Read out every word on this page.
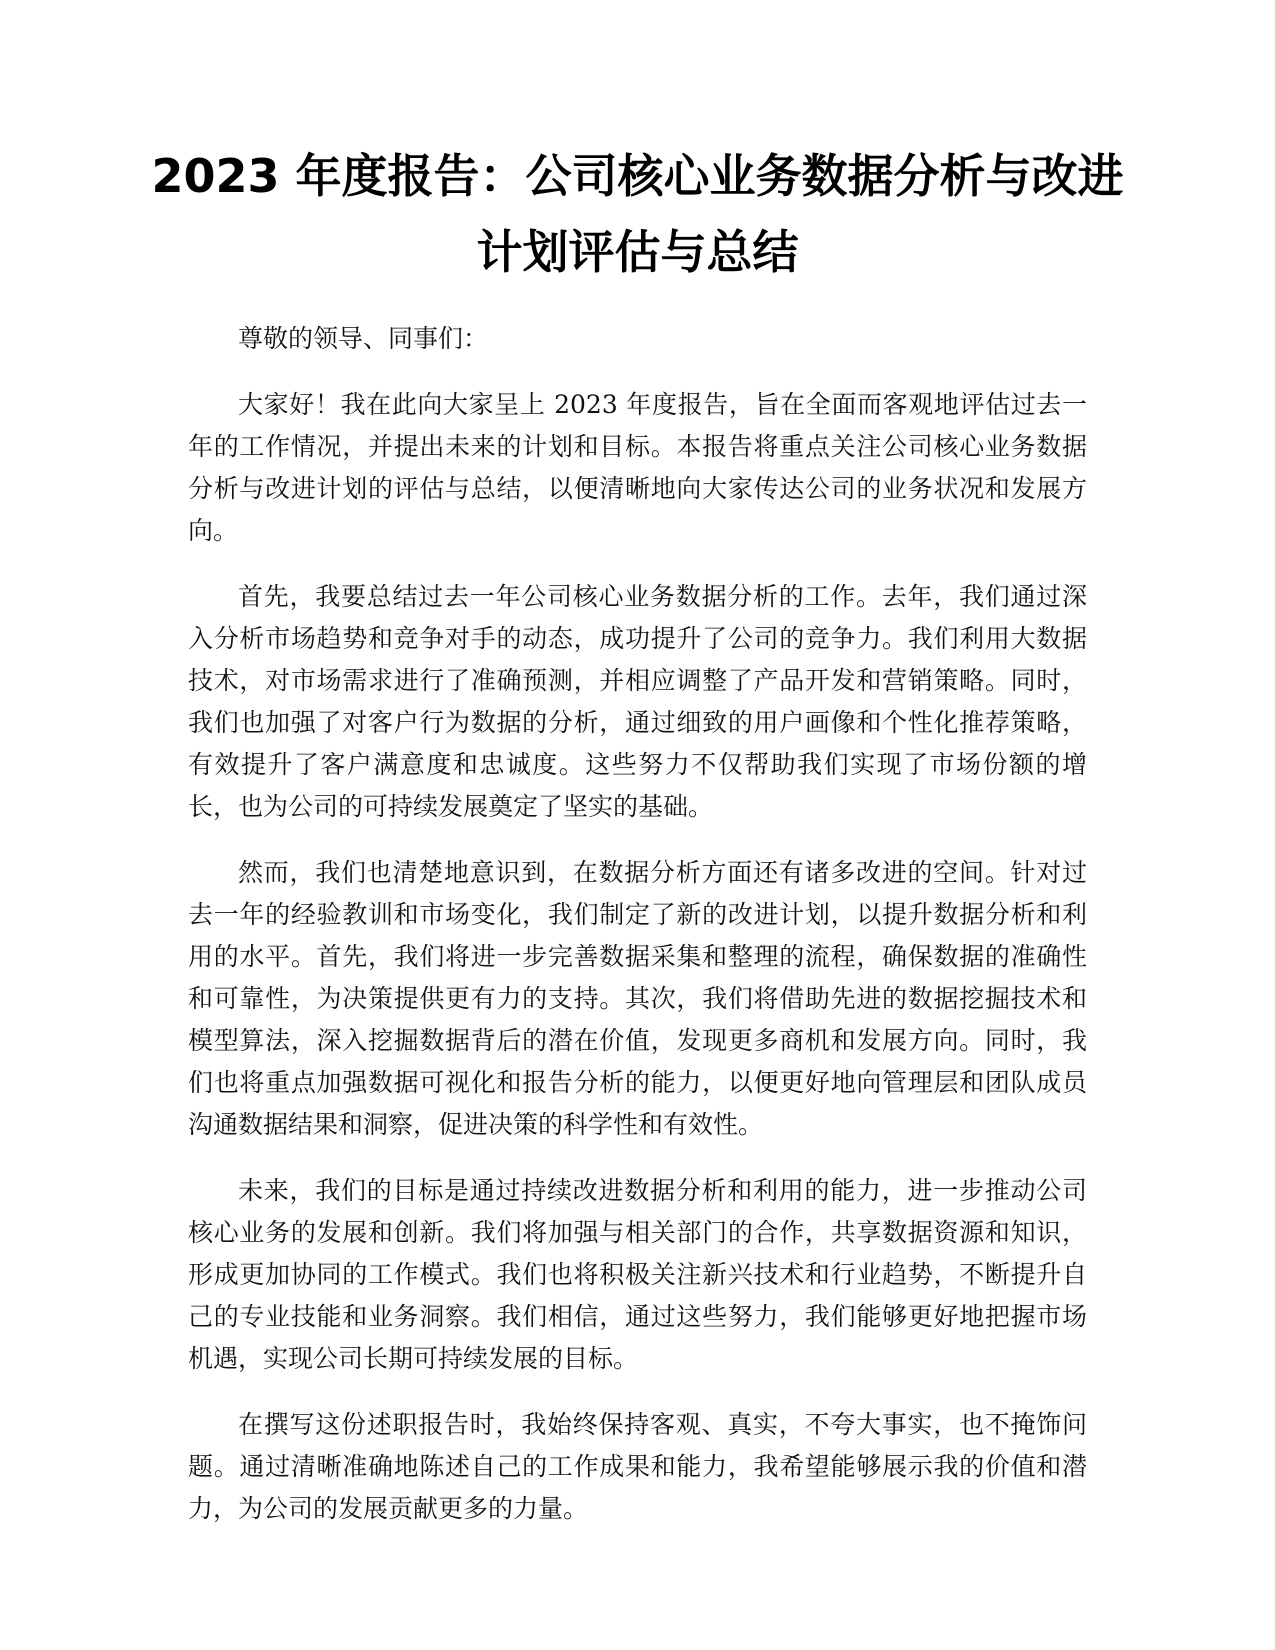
2023 年度报告：公司核心业务数据分析与改进计划评估与总结

尊敬的领导、同事们：

大家好！我在此向大家呈上 2023 年度报告，旨在全面而客观地评估过去一年的工作情况，并提出未来的计划和目标。本报告将重点关注公司核心业务数据分析与改进计划的评估与总结，以便清晰地向大家传达公司的业务状况和发展方向。

首先，我要总结过去一年公司核心业务数据分析的工作。去年，我们通过深入分析市场趋势和竞争对手的动态，成功提升了公司的竞争力。我们利用大数据技术，对市场需求进行了准确预测，并相应调整了产品开发和营销策略。同时，我们也加强了对客户行为数据的分析，通过细致的用户画像和个性化推荐策略，有效提升了客户满意度和忠诚度。这些努力不仅帮助我们实现了市场份额的增长，也为公司的可持续发展奠定了坚实的基础。

然而，我们也清楚地意识到，在数据分析方面还有诸多改进的空间。针对过去一年的经验教训和市场变化，我们制定了新的改进计划，以提升数据分析和利用的水平。首先，我们将进一步完善数据采集和整理的流程，确保数据的准确性和可靠性，为决策提供更有力的支持。其次，我们将借助先进的数据挖掘技术和模型算法，深入挖掘数据背后的潜在价值，发现更多商机和发展方向。同时，我们也将重点加强数据可视化和报告分析的能力，以便更好地向管理层和团队成员沟通数据结果和洞察，促进决策的科学性和有效性。

未来，我们的目标是通过持续改进数据分析和利用的能力，进一步推动公司核心业务的发展和创新。我们将加强与相关部门的合作，共享数据资源和知识，形成更加协同的工作模式。我们也将积极关注新兴技术和行业趋势，不断提升自己的专业技能和业务洞察。我们相信，通过这些努力，我们能够更好地把握市场机遇，实现公司长期可持续发展的目标。

在撰写这份述职报告时，我始终保持客观、真实，不夸大事实，也不掩饰问题。通过清晰准确地陈述自己的工作成果和能力，我希望能够展示我的价值和潜力，为公司的发展贡献更多的力量。
